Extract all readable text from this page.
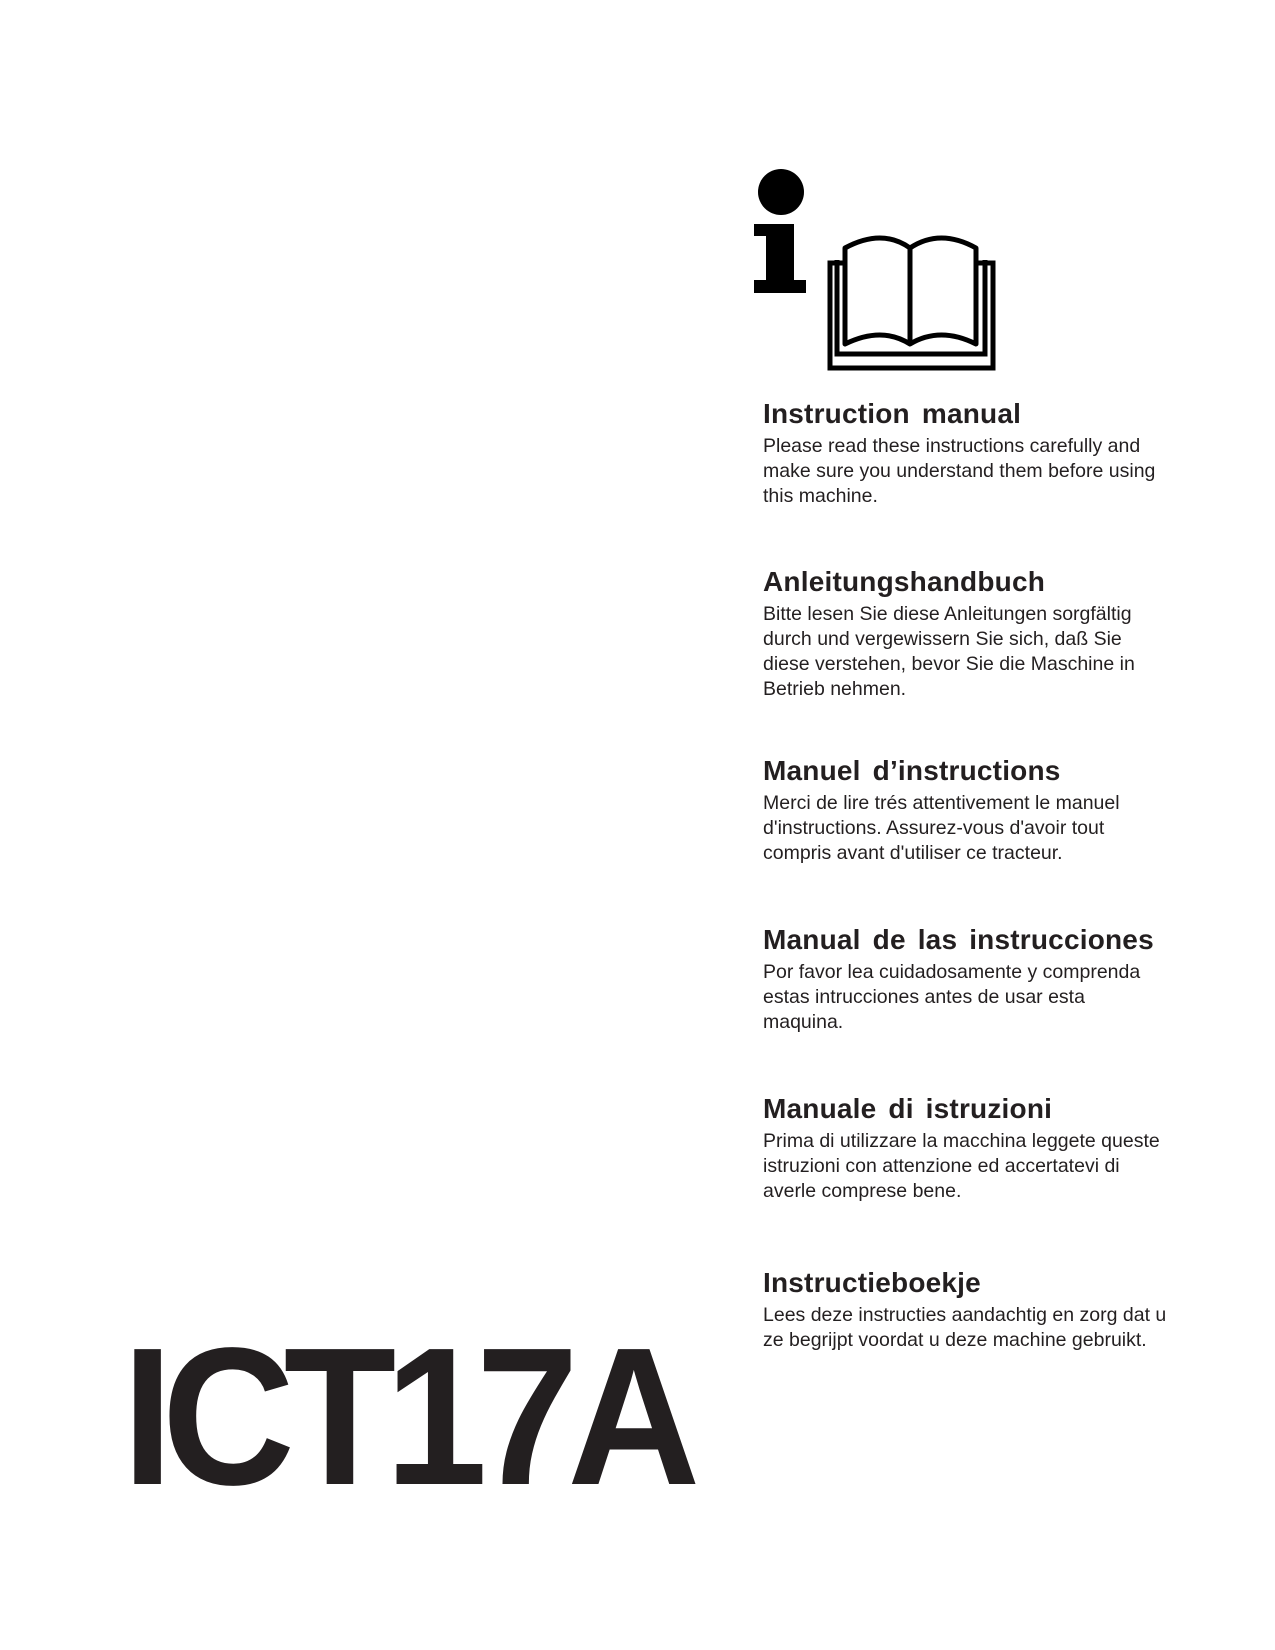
Instruction manual

Please read these instructions carefully and
make sure you understand them before using
this machine.

Anleitungshandbuch

Bitte lesen Sie diese Anleitungen sorgfältig
durch und vergewissern Sie sich, daß Sie
diese verstehen, bevor Sie die Maschine in
Betrieb nehmen.

Manuel d’instructions

Merci de lire trés attentivement le manuel
d'instructions. Assurez-vous d'avoir tout
compris avant d'utiliser ce tracteur.

Manual de las instrucciones

Por favor lea cuidadosamente y comprenda
estas intrucciones antes de usar esta
maquina.

Manuale di istruzioni

Prima di utilizzare la macchina leggete queste
istruzioni con attenzione ed accertatevi di
averle comprese bene.

Instructieboekje

Lees deze instructies aandachtig en zorg dat u
ze begrijpt voordat u deze machine gebruikt.

ICT17A
